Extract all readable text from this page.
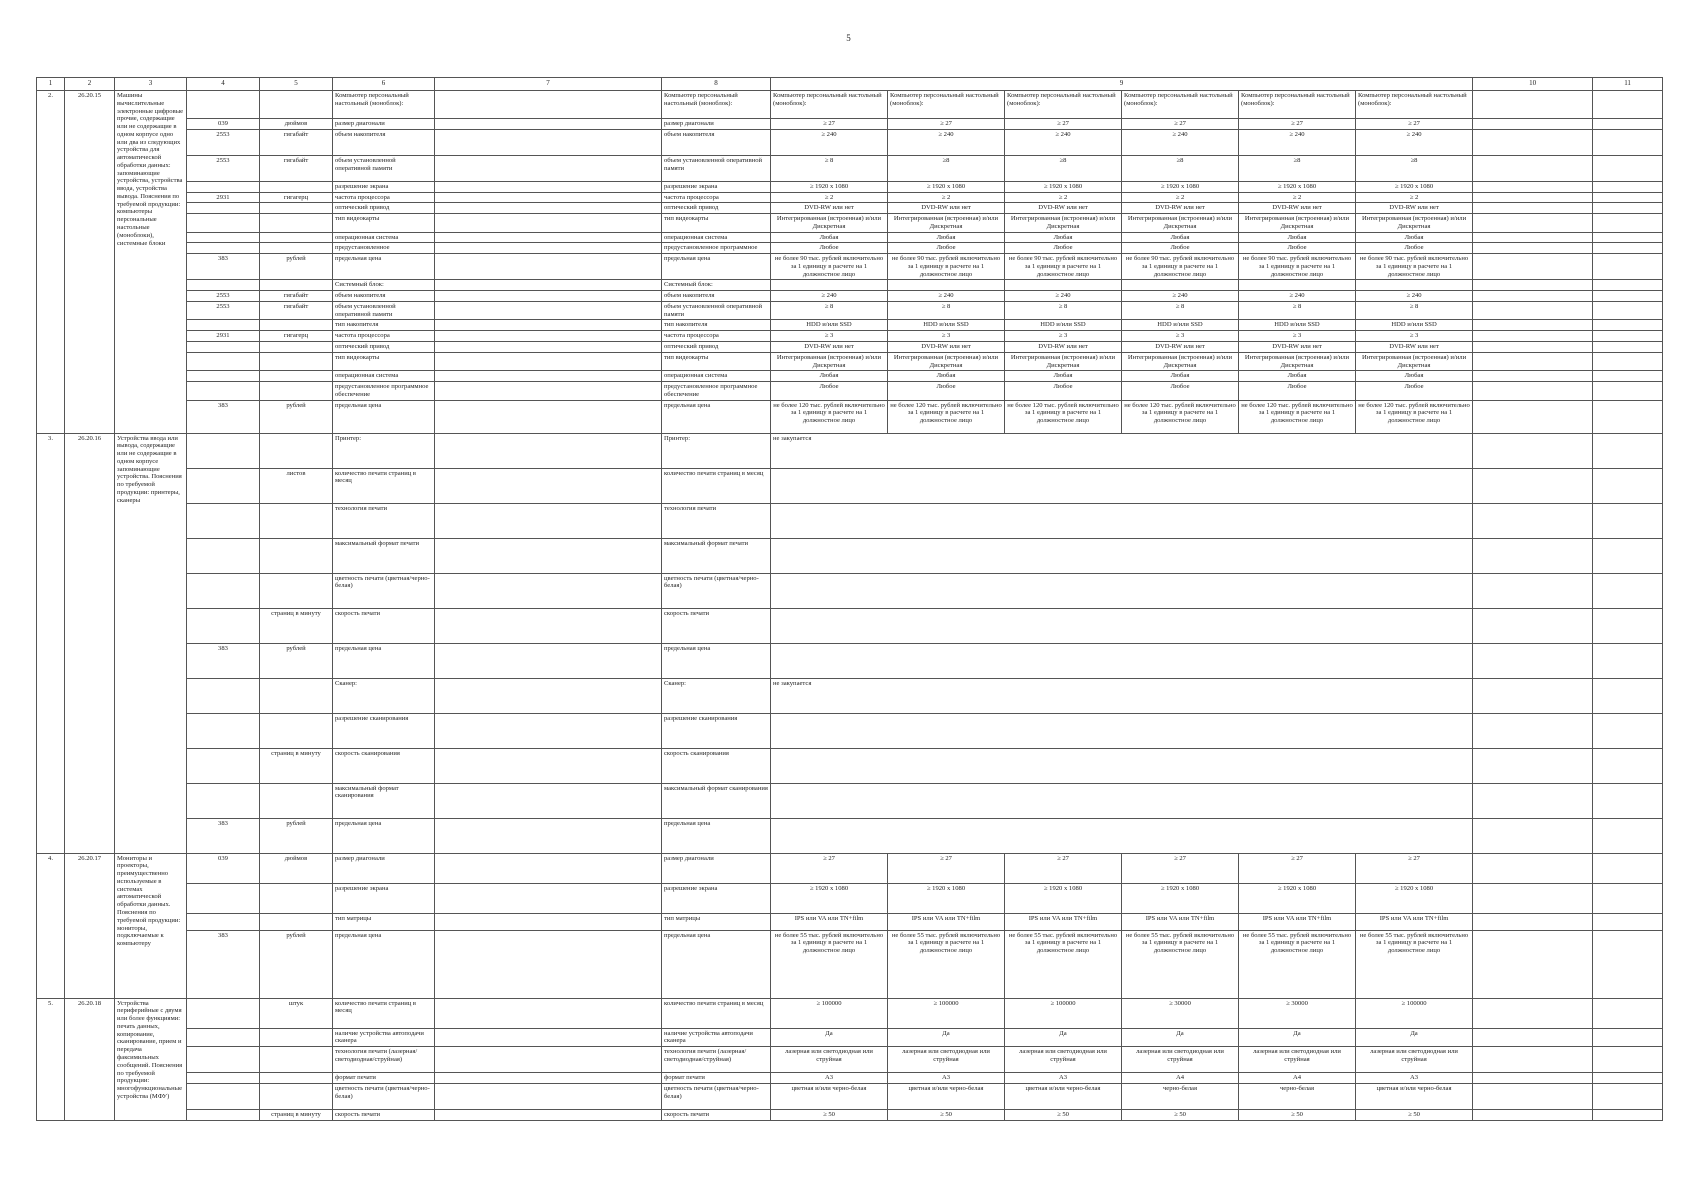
5
1	2	3	4	5	6	7	8	9						10	11
2.	26.20.15	Машины вычислительные электронные цифровые прочие, содержащие или не содержащие в одном корпусе одно или два из следующих устройства для автоматической обработки данных: запоминающие устройства, устройства ввода, устройства вывода. Пояснения по требуемой продукции: компьютеры персональные настольные (моноблоки), системные блоки			Компьютер персональный настольный (моноблок):		Компьютер персональный настольный (моноблок):	Компьютер персональный настольный (моноблок):	Компьютер персональный настольный (моноблок):	Компьютер персональный настольный (моноблок):	Компьютер персональный настольный (моноблок):	Компьютер персональный настольный (моноблок):	Компьютер персональный настольный (моноблок):		
			039	дюймов	размер диагонали		размер диагонали	≥ 27	≥ 27	≥ 27	≥ 27	≥ 27	≥ 27		
			2553	гигабайт	объем накопителя		объем накопителя	≥ 240	≥ 240	≥ 240	≥ 240	≥ 240	≥ 240		
			2553	гигабайт	объем установленной оперативной памяти		объем установленной оперативной памяти	≥ 8	≥8	≥8	≥8	≥8	≥8		
					разрешение экрана		разрешение экрана	≥ 1920 x 1080	≥ 1920 x 1080	≥ 1920 x 1080	≥ 1920 x 1080	≥ 1920 x 1080	≥ 1920 x 1080		
			2931	гигагерц	частота процессора		частота процессора	≥ 2	≥ 2	≥ 2	≥ 2	≥ 2	≥ 2		
					оптический привод		оптический привод	DVD-RW или нет	DVD-RW или нет	DVD-RW или нет	DVD-RW или нет	DVD-RW или нет	DVD-RW или нет		
					тип видеокарты		тип видеокарты	Интегрированная (встроенная) и/или Дискретная	Интегрированная (встроенная) и/или Дискретная	Интегрированная (встроенная) и/или Дискретная	Интегрированная (встроенная) и/или Дискретная	Интегрированная (встроенная) и/или Дискретная	Интегрированная (встроенная) и/или Дискретная		
					операционная система		операционная система	Любая	Любая	Любая	Любая	Любая	Любая		
					предустановленное		предустановленное программное	Любое	Любое	Любое	Любое	Любое	Любое		
			383	рублей	предельная цена		предельная цена	не более 90 тыс. рублей включительно за 1 единицу в расчете на 1 должностное лицо	не более 90 тыс. рублей включительно за 1 единицу в расчете на 1 должностное лицо	не более 90 тыс. рублей включительно за 1 единицу в расчете на 1 должностное лицо	не более 90 тыс. рублей включительно за 1 единицу в расчете на 1 должностное лицо	не более 90 тыс. рублей включительно за 1 единицу в расчете на 1 должностное лицо	не более 90 тыс. рублей включительно за 1 единицу в расчете на 1 должностное лицо		
					Системный блок:		Системный блок:								
			2553	гигабайт	объем накопителя		объем накопителя	≥ 240	≥ 240	≥ 240	≥ 240	≥ 240	≥ 240		
			2553	гигабайт	объем установленной оперативной памяти		объем установленной оперативной памяти	≥ 8	≥ 8	≥ 8	≥ 8	≥ 8	≥ 8		
					тип накопителя		тип накопителя	HDD и/или SSD	HDD и/или SSD	HDD и/или SSD	HDD и/или SSD	HDD и/или SSD	HDD и/или SSD		
			2931	гигагерц	частота процессора		частота процессора	≥ 3	≥ 3	≥ 3	≥ 3	≥ 3	≥ 3		
					оптический привод		оптический привод	DVD-RW или нет	DVD-RW или нет	DVD-RW или нет	DVD-RW или нет	DVD-RW или нет	DVD-RW или нет		
					тип видеокарты		тип видеокарты	Интегрированная (встроенная) и/или Дискретная	Интегрированная (встроенная) и/или Дискретная	Интегрированная (встроенная) и/или Дискретная	Интегрированная (встроенная) и/или Дискретная	Интегрированная (встроенная) и/или Дискретная	Интегрированная (встроенная) и/или Дискретная		
					операционная система		операционная система	Любая	Любая	Любая	Любая	Любая	Любая		
					предустановленное программное обеспечение		предустановленное программное обеспечение	Любое	Любое	Любое	Любое	Любое	Любое		
			383	рублей	предельная цена		предельная цена	не более 120 тыс. рублей включительно за 1 единицу в расчете на 1 должностное лицо	не более 120 тыс. рублей включительно за 1 единицу в расчете на 1 должностное лицо	не более 120 тыс. рублей включительно за 1 единицу в расчете на 1 должностное лицо	не более 120 тыс. рублей включительно за 1 единицу в расчете на 1 должностное лицо	не более 120 тыс. рублей включительно за 1 единицу в расчете на 1 должностное лицо	не более 120 тыс. рублей включительно за 1 единицу в расчете на 1 должностное лицо		
3.	26.20.16	Устройства ввода или вывода, содержащие или не содержащие в одном корпусе запоминающие устройства. Пояснения по требуемой продукции: принтеры, сканеры			Принтер:		Принтер:	не закупается							
				листов	количество печати страниц в месяц		количество печати страниц в месяц								
					технология печати		технология печати								
					максимальный формат печати		максимальный формат печати								
					цветность печати (цветная/черно-белая)		цветность печати (цветная/черно-белая)								
				страниц в минуту	скорость печати		скорость печати								
			383	рублей	предельная цена		предельная цена								
					Сканер:		Сканер:	не закупается							
					разрешение сканирования		разрешение сканирования								
				страниц в минуту	скорость сканирования		скорость сканирования								
					максимальный формат сканирования		максимальный формат сканирования								
			383	рублей	предельная цена		предельная цена								
4.	26.20.17	Мониторы и проекторы, преимущественно используемые в системах автоматической обработки данных. Пояснения по требуемой продукции: мониторы, подключаемые к компьютеру	039	дюймов	размер диагонали		размер диагонали	≥ 27	≥ 27	≥ 27	≥ 27	≥ 27	≥ 27		
					разрешение экрана		разрешение экрана	≥ 1920 x 1080	≥ 1920 x 1080	≥ 1920 x 1080	≥ 1920 x 1080	≥ 1920 x 1080	≥ 1920 x 1080		
					тип матрицы		тип матрицы	IPS или VA или TN+film	IPS или VA или TN+film	IPS или VA или TN+film	IPS или VA или TN+film	IPS или VA или TN+film	IPS или VA или TN+film		
			383	рублей	предельная цена		предельная цена	не более 55 тыс. рублей включительно за 1 единицу в расчете на 1 должностное лицо	не более 55 тыс. рублей включительно за 1 единицу в расчете на 1 должностное лицо	не более 55 тыс. рублей включительно за 1 единицу в расчете на 1 должностное лицо	не более 55 тыс. рублей включительно за 1 единицу в расчете на 1 должностное лицо	не более 55 тыс. рублей включительно за 1 единицу в расчете на 1 должностное лицо	не более 55 тыс. рублей включительно за 1 единицу в расчете на 1 должностное лицо		
5.	26.20.18	Устройства периферийные с двумя или более функциями: печать данных, копирование, сканирование, прием и передача факсимильных сообщений. Пояснения по требуемой продукции: многофункциональные устройства (МФУ)		штук	количество печати страниц в месяц		количество печати страниц в месяц	≥ 100000	≥ 100000	≥ 100000	≥ 30000	≥ 30000	≥ 100000		
					наличие устройства автоподачи сканера		наличие устройства автоподачи сканера	Да	Да	Да	Да	Да	Да		
					технология печати (лазерная/светодиодная/струйная)		технология печати (лазерная/светодиодная/струйная)	лазерная или светодиодная или струйная	лазерная или светодиодная или струйная	лазерная или светодиодная или струйная	лазерная или светодиодная или струйная	лазерная или светодиодная или струйная	лазерная или светодиодная или струйная		
					формат печати		формат печати	А3	А3	А3	А4	А4	А3		
					цветность печати (цветная/черно-белая)		цветность печати (цветная/черно-белая)	цветная и/или черно-белая	цветная и/или черно-белая	цветная и/или черно-белая	черно-белая	черно-белая	цветная и/или черно-белая		
				страниц в минуту	скорость печати		скорость печати	≥ 50	≥ 50	≥ 50	≥ 50	≥ 50	≥ 50		
